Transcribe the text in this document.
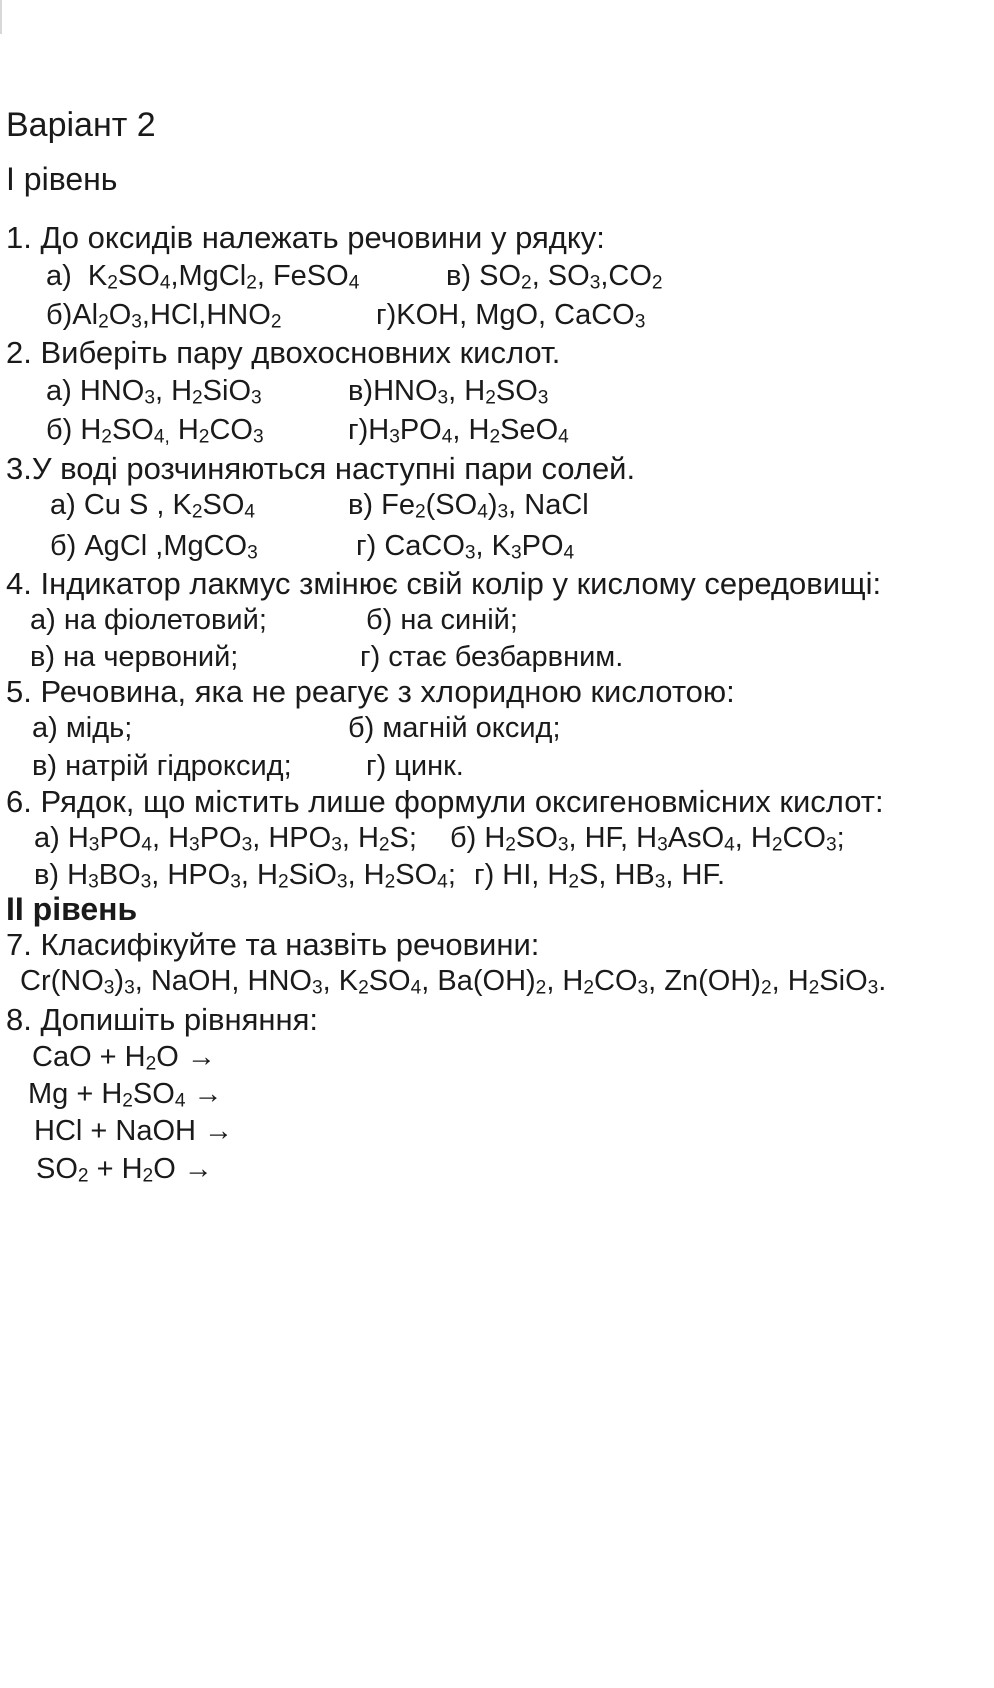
Варіант 2
І рівень
1. До оксидів належать речовини у рядку:
а) $K_2SO_4,MgCl_2$, FeSO$_4$	в) $SO_2$, $SO_3,CO_2$
$б)Al_2O_3,HCl,HNO_2$	г)KOH, MgO, CaCO$_3$
2. Виберіть пару двохосновних кислот.
а) $HNO_3$, $H_2SiO_3$	$в)HNO_3$, $H_2SO_3$
б) $H_2SO_{4,}$ $H_2CO_3$	$г)H_3PO_4$, $H_2SeO_4$
3.У воді розчиняються наступні пари солей.
а) Cu S , $K_2SO_4$	в) $Fe_2(SO_4)_3$, NaCl
б) AgCl ,MgCO$_3$	г) CaCO$_3$, $K_3PO_4$
4. Індикатор лакмус змінює свій колір у кислому середовищі:
а) на фіолетовий;	б) на синій;
в) на червоний;	г) стає безбарвним.
5. Речовина, яка не реагує з хлоридною кислотою:
а) мідь;	б) магній оксид;
в) натрій гідроксид;	г) цинк.
6. Рядок, що містить лише формули оксигеновмісних кислот:
а) $H_3PO_4$, $H_3PO_3$, $HPO_3$, $H_2S$; б) $H_2SO_3$, HF, $H_3AsO_4$, $H_2CO_3$;
в) $H_3BO_3$, $HPO_3$, $H_2SiO_3$, $H_2SO_4$; г) HI, $H_2S$, $HB_3$, HF.
ІІ рівень
7. Класифікуйте та назвіть речовини:
$Cr(NO_3)_3$, NaOH, $HNO_3$, $K_2SO_4$, $Ba(OH)_2$, $H_2CO_3$, $Zn(OH)_2$, $H_2SiO_3$.
8. Допишіть рівняння:
CaO + $H_2O$ →
$Mg + H_2SO_4$ →
HCl + NaOH →
$SO_2 + H_2O$ →
